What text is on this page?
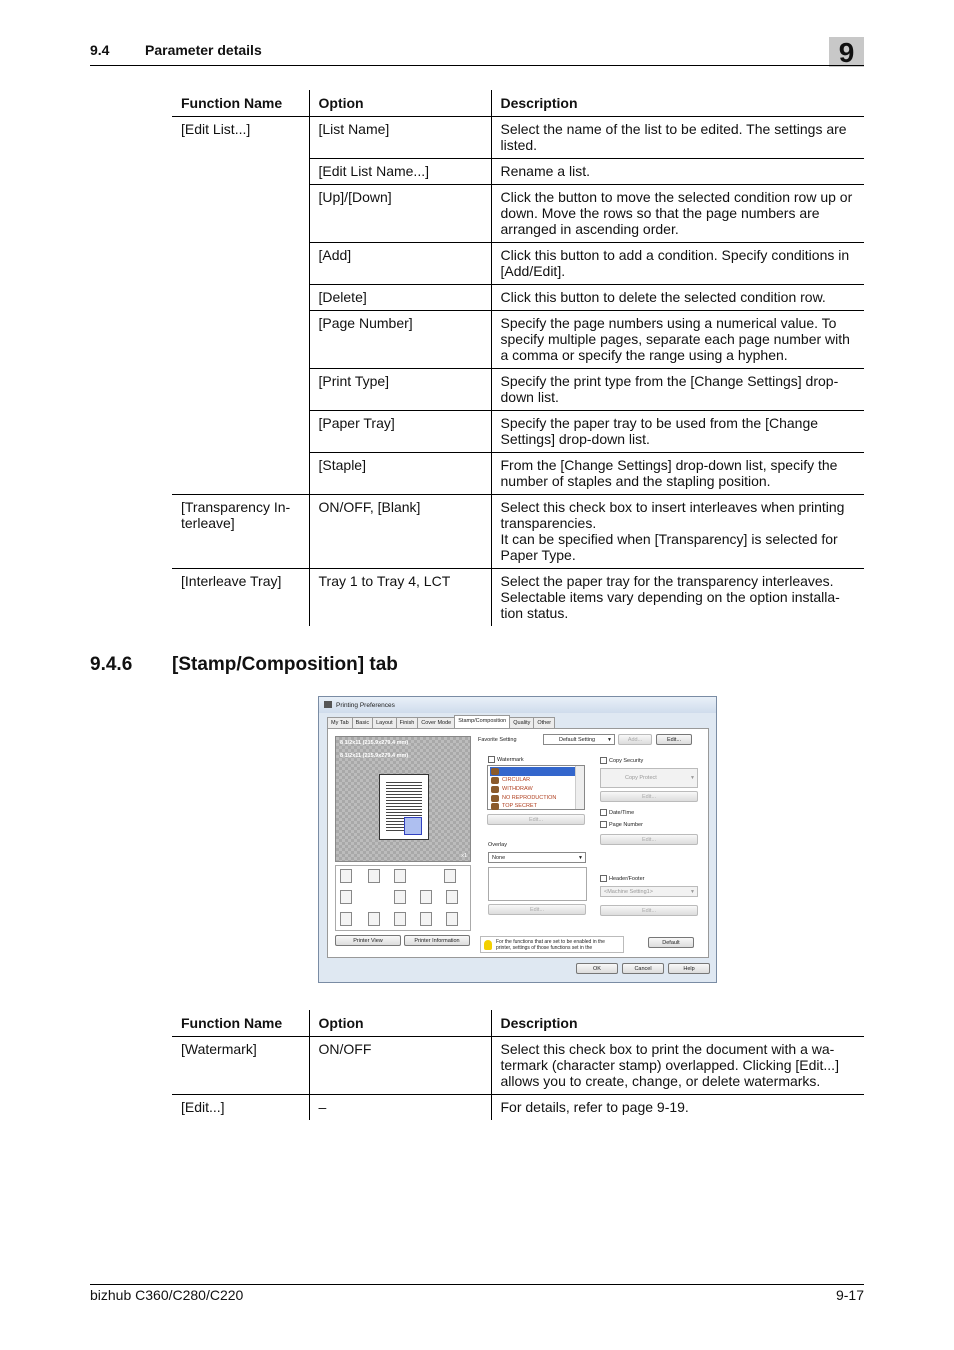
9.4	Parameter details	9
Function Name	Option	Description
[Edit List...]	[List Name]	Select the name of the list to be edited. The settings are listed.
	[Edit List Name...]	Rename a list.
	[Up]/[Down]	Click the button to move the selected condition row up or down. Move the rows so that the page numbers are arranged in ascending order.
	[Add]	Click this button to add a condition. Specify conditions in [Add/Edit].
	[Delete]	Click this button to delete the selected condition row.
	[Page Number]	Specify the page numbers using a numerical value. To specify multiple pages, separate each page number with a comma or specify the range using a hyphen.
	[Print Type]	Specify the print type from the [Change Settings] drop-down list.
	[Paper Tray]	Specify the paper tray to be used from the [Change Settings] drop-down list.
	[Staple]	From the [Change Settings] drop-down list, specify the number of staples and the stapling position.
[Transparency In-terleave]	ON/OFF, [Blank]	Select this check box to insert interleaves when printing transparencies.
It can be specified when [Transparency] is selected for Paper Type.
[Interleave Tray]	Tray 1 to Tray 4, LCT	Select the paper tray for the transparency interleaves. Selectable items vary depending on the option installa-tion status.
9.4.6 [Stamp/Composition] tab
Printing Preferences
My Tab	Basic	Layout	Finish	Cover Mode	Stamp/Composition	Quality	Other
8 1/2x11 (215.9x279.4 mm)
8 1/2x11 (215.9x279.4 mm)
x1
Printer View	Printer Information
Favorite Setting	Default Setting ▼	Add...	Edit...
Watermark
CIRCULAR
WITHDRAW
NO REPRODUCTION
TOP SECRET
Edit...
Overlay
None	▼
Edit...
Copy Security
Copy Protect	▼
Edit...
Date/Time
Page Number
Edit...
Header/Footer
<Machine Setting1>	▼
Edit...
For the functions that are set to be enabled in the printer, settings of those functions set in the
Default
OK	Cancel	Help
Function Name	Option	Description
[Watermark]	ON/OFF	Select this check box to print the document with a wa-termark (character stamp) overlapped. Clicking [Edit...] allows you to create, change, or delete watermarks.
[Edit...]	–	For details, refer to page 9-19.
bizhub C360/C280/C220	9-17
